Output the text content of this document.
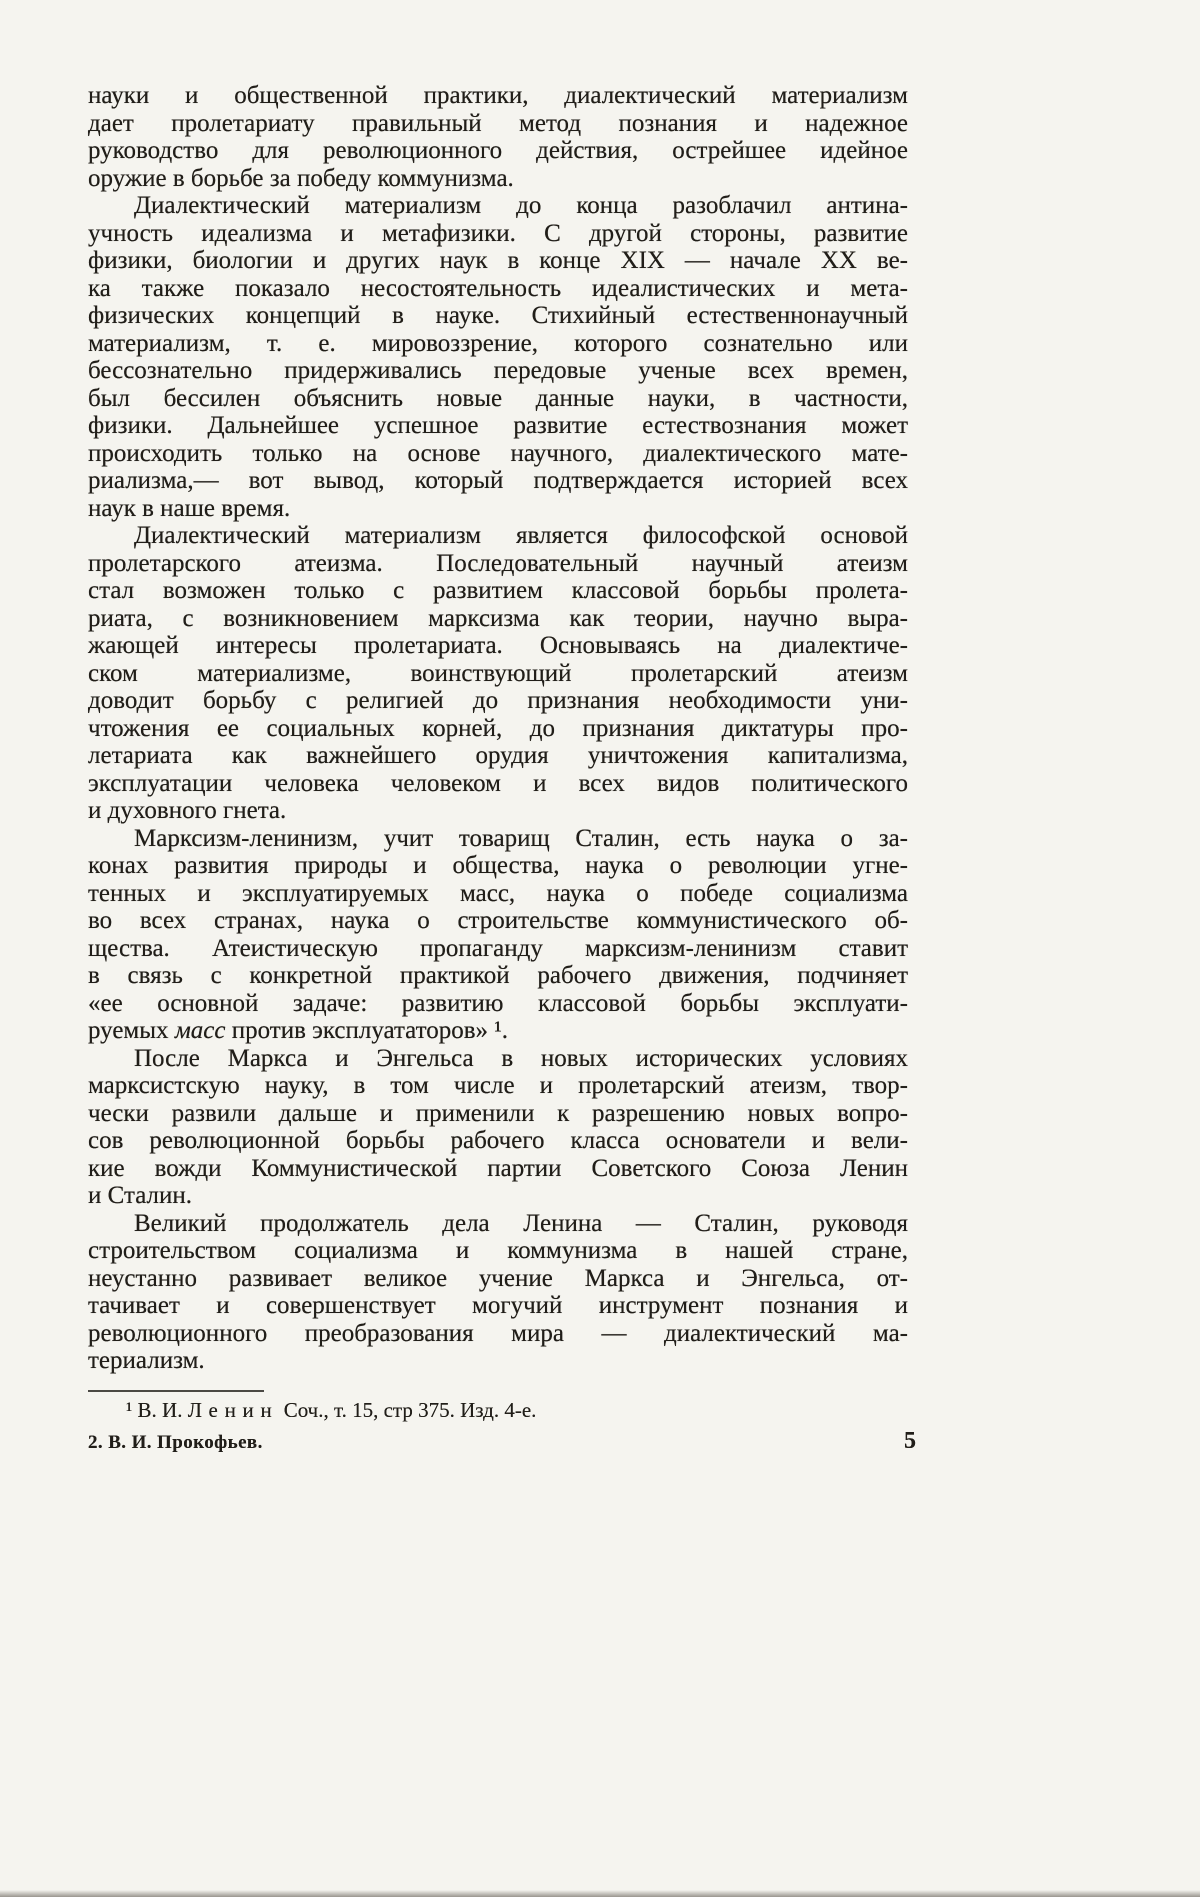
науки и общественной практики, диалектический материализм
дает пролетариату правильный метод познания и надежное
руководство для революционного действия, острейшее идейное
оружие в борьбе за победу коммунизма.
Диалектический материализм до конца разоблачил антина-
учность идеализма и метафизики. С другой стороны, развитие
физики, биологии и других наук в конце XIX — начале XX ве-
ка также показало несостоятельность идеалистических и мета-
физических концепций в науке. Стихийный естественнонаучный
материализм, т. е. мировоззрение, которого сознательно или
бессознательно придерживались передовые ученые всех времен,
был бессилен объяснить новые данные науки, в частности,
физики. Дальнейшее успешное развитие естествознания может
происходить только на основе научного, диалектического мате-
риализма,— вот вывод, который подтверждается историей всех
наук в наше время.
Диалектический материализм является философской основой
пролетарского атеизма. Последовательный научный атеизм
стал возможен только с развитием классовой борьбы пролета-
риата, с возникновением марксизма как теории, научно выра-
жающей интересы пролетариата. Основываясь на диалектиче-
ском материализме, воинствующий пролетарский атеизм
доводит борьбу с религией до признания необходимости уни-
чтожения ее социальных корней, до признания диктатуры про-
летариата как важнейшего орудия уничтожения капитализма,
эксплуатации человека человеком и всех видов политического
и духовного гнета.
Марксизм-ленинизм, учит товарищ Сталин, есть наука о за-
конах развития природы и общества, наука о революции угне-
тенных и эксплуатируемых масс, наука о победе социализма
во всех странах, наука о строительстве коммунистического об-
щества. Атеистическую пропаганду марксизм-ленинизм ставит
в связь с конкретной практикой рабочего движения, подчиняет
«ее основной задаче: развитию классовой борьбы эксплуати-
руемых масс против эксплуататоров» ¹.
После Маркса и Энгельса в новых исторических условиях
марксистскую науку, в том числе и пролетарский атеизм, твор-
чески развили дальше и применили к разрешению новых вопро-
сов революционной борьбы рабочего класса основатели и вели-
кие вожди Коммунистической партии Советского Союза Ленин
и Сталин.
Великий продолжатель дела Ленина — Сталин, руководя
строительством социализма и коммунизма в нашей стране,
неустанно развивает великое учение Маркса и Энгельса, от-
тачивает и совершенствует могучий инструмент познания и
революционного преобразования мира — диалектический ма-
териализм.
¹ В. И. Ленин Соч., т. 15, стр 375. Изд. 4-е.
2. В. И. Прокофьев.	5
